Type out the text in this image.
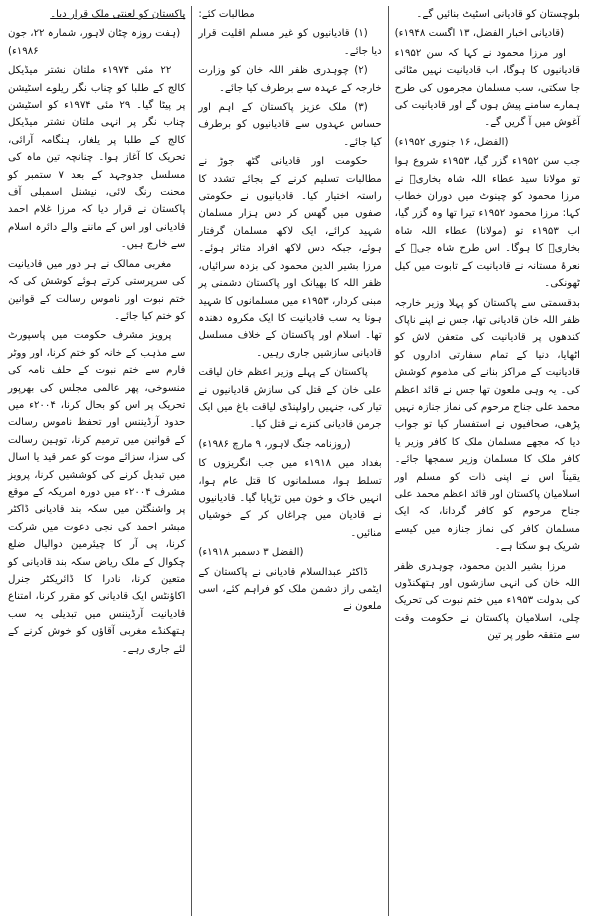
بلوچستان کو قادیانی اسٹیٹ بنائیں گے۔

(قادیانی اخبار الفضل، ۱۳ اگست ۱۹۴۸ء)

اور مرزا محمود نے کہا کہ سن ۱۹۵۲ء قادیانیوں کا ہوگا، اب قادیانیت نہیں مٹائی جا سکتی، سب مسلمان مجرموں کی طرح ہمارے سامنے پیش ہوں گے اور قادیانیت کی آغوش میں آ گریں گے۔

(الفضل، ۱۶ جنوری ۱۹۵۲ء)

جب سن ۱۹۵۲ء گزر گیا، ۱۹۵۳ء شروع ہوا تو مولانا سید عطاء اللہ شاہ بخاریؒ نے مرزا محمود کو چینوٹ میں دوران خطاب کہا: مرزا محمود ۱۹۵۲ء تیرا تھا وہ گزر گیا، اب ۱۹۵۳ء تو (مولانا) عطاء اللہ شاہ بخاریؒ کا ہوگا۔ اس طرح شاہ جیؒ کے نعرۂ مستانہ نے قادیانیت کے تابوت میں کیل ٹھونکی۔

بدقسمتی سے پاکستان کو پہلا وزیر خارجہ ظفر اللہ خان قادیانی تھا، جس نے اپنے ناپاک کندھوں پر قادیانیت کی متعفن لاش کو اٹھایا، دنیا کے تمام سفارتی اداروں کو قادیانیت کے مراکز بنانے کی مذموم کوشش کی۔ یہ وہی ملعون تھا جس نے قائد اعظم محمد علی جناح مرحوم کی نماز جنازہ نہیں پڑھی، صحافیوں نے استفسار کیا تو جواب دیا کہ مجھے مسلمان ملک کا کافر وزیر یا کافر ملک کا مسلمان وزیر سمجھا جائے۔ یقیناً اس نے اپنی ذات کو مسلم اور اسلامیان پاکستان اور قائد اعظم محمد علی جناح مرحوم کو کافر گردانا، کہ ایک مسلمان کافر کی نماز جنازہ میں کیسے شریک ہو سکتا ہے۔

مرزا بشیر الدین محمود، چوہدری ظفر اللہ خان کی انہی سازشوں اور ہتھکنڈوں کی بدولت ۱۹۵۳ء میں ختم نبوت کی تحریک چلی، اسلامیان پاکستان نے حکومت وقت سے متفقہ طور پر تین

مطالبات کئے:

(۱) قادیانیوں کو غیر مسلم اقلیت قرار دیا جائے۔

(۲) چوہدری ظفر اللہ خان کو وزارت خارجہ کے عہدہ سے برطرف کیا جائے۔

(۳) ملک عزیز پاکستان کے اہم اور حساس عہدوں سے قادیانیوں کو برطرف کیا جائے۔

حکومت اور قادیانی گٹھ جوڑ نے مطالبات تسلیم کرنے کے بجائے تشدد کا راستہ اختیار کیا۔ قادیانیوں نے حکومتی صفوں میں گھس کر دس ہزار مسلمان شہید کرائے، ایک لاکھ مسلمان گرفتار ہوئے، جبکہ دس لاکھ افراد متاثر ہوئے۔ مرزا بشیر الدین محمود کی بزدہ سرائیاں، ظفر اللہ کا بھیانک اور پاکستان دشمنی پر مبنی کردار، ۱۹۵۳ء میں مسلمانوں کا شہید ہونا یہ سب قادیانیت کا ایک مکروہ دھندہ تھا۔ اسلام اور پاکستان کے خلاف مسلسل قادیانی سازشیں جاری رہیں۔

پاکستان کے پہلے وزیر اعظم خان لیاقت علی خان کے قتل کی سازش قادیانیوں نے تیار کی، جنہیں راولپنڈی لیاقت باغ میں ایک جرمن قادیانی کنزے نے قتل کیا۔

(روزنامہ جنگ لاہور، ۹ مارچ ۱۹۸۶ء)

بغداد میں ۱۹۱۸ء میں جب انگریزوں کا تسلط ہوا، مسلمانوں کا قتل عام ہوا، انہیں خاک و خون میں تڑپایا گیا۔ قادیانیوں نے قادیان میں چراغاں کر کے خوشیاں منائیں۔

(الفضل ۳ دسمبر ۱۹۱۸ء)

ڈاکٹر عبدالسلام قادیانی نے پاکستان کے ایٹمی راز دشمن ملک کو فراہم کئے، اسی ملعون نے

پاکستان کو لعنتی ملک قرار دیا۔

(ہفت روزہ چٹان لاہور، شمارہ ۲۲، جون ۱۹۸۶ء)

۲۲ مئی ۱۹۷۴ء ملتان نشتر میڈیکل کالج کے طلبا کو چناب نگر ریلوے اسٹیشن پر پیٹا گیا۔ ۲۹ مئی ۱۹۷۴ء کو اسٹیشن چناب نگر پر انہی ملتان نشتر میڈیکل کالج کے طلبا پر یلغار، ہنگامہ آرائی، تحریک کا آغاز ہوا۔ چنانچہ تین ماہ کی مسلسل جدوجہد کے بعد ۷ ستمبر کو محنت رنگ لائی، نیشنل اسمبلی آف پاکستان نے قرار دیا کہ مرزا غلام احمد قادیانی اور اس کے ماننے والے دائرہ اسلام سے خارج ہیں۔

مغربی ممالک نے ہر دور میں قادیانیت کی سرپرستی کرتے ہوئے کوشش کی کہ ختم نبوت اور ناموس رسالت کے قوانین کو ختم کیا جائے۔

پرویز مشرف حکومت میں پاسپورٹ سے مذہب کے خانہ کو ختم کرنا، اور ووٹر فارم سے ختم نبوت کے حلف نامہ کی منسوخی، پھر عالمی مجلس کی بھرپور تحریک پر اس کو بحال کرنا، ۲۰۰۴ء میں حدود آرڈیننس اور تحفظ ناموس رسالت کے قوانین میں ترمیم کرنا، توہین رسالت کی سزا، سزائے موت کو عمر قید یا اسال میں تبدیل کرنے کی کوششیں کرنا، پرویز مشرف ۲۰۰۴ء میں دورہ امریکہ کے موقع پر واشنگٹن میں سکہ بند قادیانی ڈاکٹر مبشر احمد کی نجی دعوت میں شرکت کرنا، پی آر کا چیئرمین دوالیال ضلع چکوال کے ملک ریاض سکہ بند قادیانی کو متعین کرنا، نادرا کا ڈائریکٹر جنرل اکاؤنٹس ایک قادیانی کو مقرر کرنا، امتناع قادیانیت آرڈیننس میں تبدیلی یہ سب ہتھکنڈے مغربی آقاؤں کو خوش کرنے کے لئے جاری رہے۔
